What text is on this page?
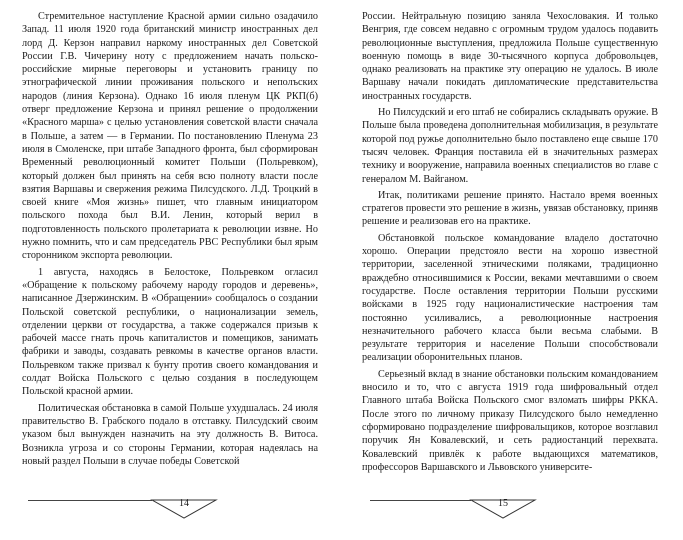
Стремительное наступление Красной армии сильно озадачило Запад. 11 июля 1920 года британский министр иностранных дел лорд Д. Керзон направил наркому иностранных дел Советской России Г.В. Чичерину ноту с предложением начать польско-российские мирные переговоры и установить границу по этнографической линии проживания польского и неполъских народов (линия Керзона). Однако 16 июля пленум ЦК РКП(б) отверг предложение Керзона и принял решение о продолжении «Красного марша» с целью установления советской власти сначала в Польше, а затем — в Германии. По постановлению Пленума 23 июля в Смоленске, при штабе Западного фронта, был сформирован Временный революционный комитет Польши (Польревком), который должен был принять на себя всю полноту власти после взятия Варшавы и свержения режима Пилсудского. Л.Д. Троцкий в своей книге «Моя жизнь» пишет, что главным инициатором польского похода был В.И. Ленин, который верил в подготовленность польского пролетариата к революции извне. Но нужно помнить, что и сам председатель РВС Республики был ярым сторонником экспорта революции.

1 августа, находясь в Белостоке, Польревком огласил «Обращение к польскому рабочему народу городов и деревень», написанное Дзержинским. В «Обращении» сообщалось о создании Польской советской республики, о национализации земель, отделении церкви от государства, а также содержался призыв к рабочей массе гнать прочь капиталистов и помещиков, занимать фабрики и заводы, создавать ревкомы в качестве органов власти. Польревком также призвал к бунту против своего командования и солдат Войска Польского с целью создания в последующем Польской красной армии.

Политическая обстановка в самой Польше ухудшалась. 24 июля правительство В. Грабского подало в отставку. Пилсудский своим указом был вынужден назначить на эту должность В. Витоса. Возникла угроза и со стороны Германии, которая надеялась на новый раздел Польши в случае победы Советской

России. Нейтральную позицию заняла Чехословакия. И только Венгрия, где совсем недавно с огромным трудом удалось подавить революционные выступления, предложила Польше существенную военную помощь в виде 30-тысячного корпуса добровольцев, однако реализовать на практике эту операцию не удалось. В июле Варшаву начали покидать дипломатические представительства иностранных государств.

Но Пилсудский и его штаб не собирались складывать оружие. В Польше была проведена дополнительная мобилизация, в результате которой под ружье дополнительно было поставлено еще свыше 170 тысяч человек. Франция поставила ей в значительных размерах технику и вооружение, направила военных специалистов во главе с генералом М. Вайганом.

Итак, политиками решение принято. Настало время военных стратегов провести это решение в жизнь, увязав обстановку, приняв решение и реализовав его на практике.

Обстановкой польское командование владело достаточно хорошо. Операции предстояло вести на хорошо известной территории, заселенной этническими поляками, традиционно враждебно относившимися к России, веками мечтавшими о своем государстве. После оставления территории Польши русскими войсками в 1925 году националистические настроения там постоянно усиливались, а революционные настроения незначительного рабочего класса были весьма слабыми. В результате территория и население Польши способствовали реализации оборонительных планов.

Серьезный вклад в знание обстановки польским командованием вносило и то, что с августа 1919 года шифровальный отдел Главного штаба Войска Польского смог взломать шифры РККА. После этого по личному приказу Пилсудского было немедленно сформировано подразделение шифровальщиков, которое возглавил поручик Ян Ковалевский, и сеть радиостанций перехвата. Ковалевский привлёк к работе выдающихся математиков, профессоров Варшавского и Львовского университе-

14	15
